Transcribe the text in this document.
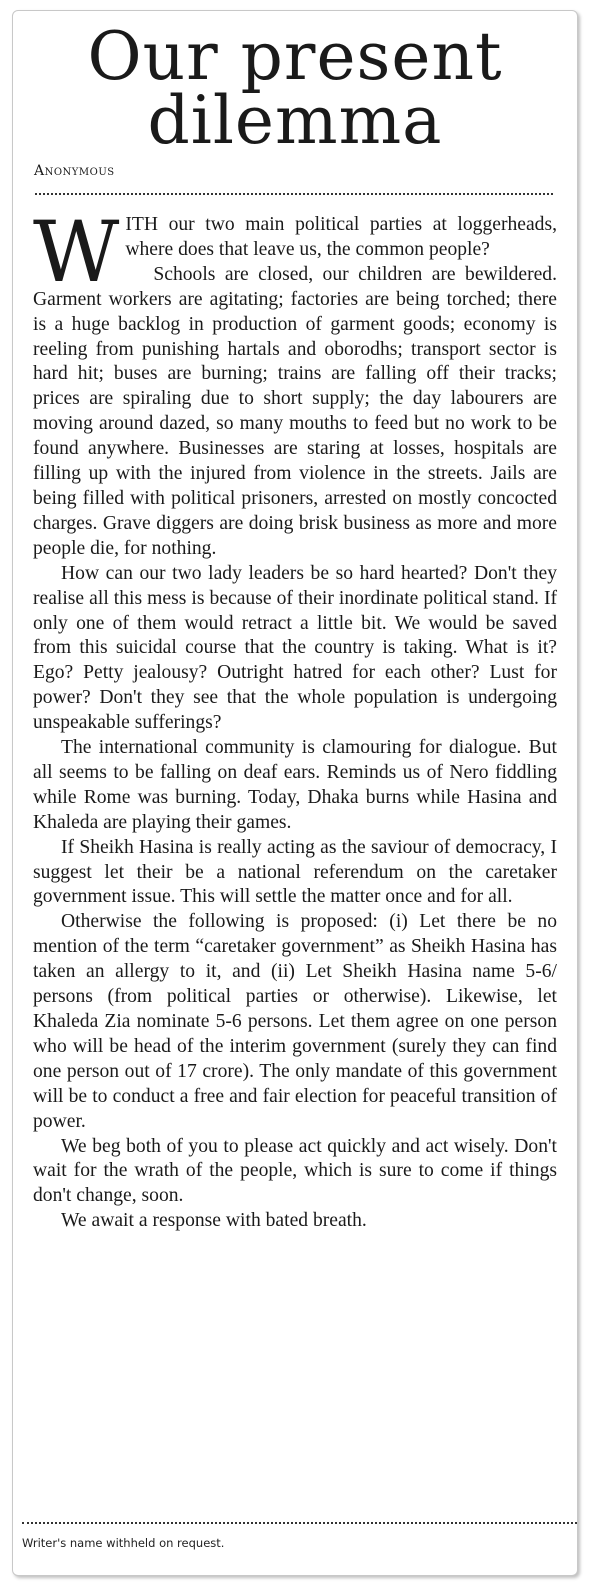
Our present
dilemma
Anonymous

WITH our two main political parties at loggerheads, where does that leave us, the common people?

Schools are closed, our children are bewildered. Garment workers are agitating; factories are being torched; there is a huge backlog in production of garment goods; economy is reeling from punishing hartals and oborodhs; transport sector is hard hit; buses are burning; trains are falling off their tracks; prices are spiraling due to short supply; the day labourers are moving around dazed, so many mouths to feed but no work to be found anywhere. Businesses are staring at losses, hospitals are filling up with the injured from violence in the streets. Jails are being filled with political prisoners, arrested on mostly concocted charges. Grave diggers are doing brisk business as more and more people die, for nothing.

How can our two lady leaders be so hard hearted? Don't they realise all this mess is because of their inordinate political stand. If only one of them would retract a little bit. We would be saved from this suicidal course that the country is taking. What is it? Ego? Petty jealousy? Outright hatred for each other? Lust for power? Don't they see that the whole population is undergoing unspeakable sufferings?

The international community is clamouring for dialogue. But all seems to be falling on deaf ears. Reminds us of Nero fiddling while Rome was burning. Today, Dhaka burns while Hasina and Khaleda are playing their games.

If Sheikh Hasina is really acting as the saviour of democracy, I suggest let their be a national referendum on the caretaker government issue. This will settle the matter once and for all.

Otherwise the following is proposed: (i) Let there be no mention of the term “caretaker government” as Sheikh Hasina has taken an allergy to it, and (ii) Let Sheikh Hasina name 5-6/ persons (from political parties or otherwise). Likewise, let Khaleda Zia nominate 5-6 persons. Let them agree on one person who will be head of the interim government (surely they can find one person out of 17 crore). The only mandate of this government will be to conduct a free and fair election for peaceful transition of power.

We beg both of you to please act quickly and act wisely. Don't wait for the wrath of the people, which is sure to come if things don't change, soon.

We await a response with bated breath.

Writer's name withheld on request.
